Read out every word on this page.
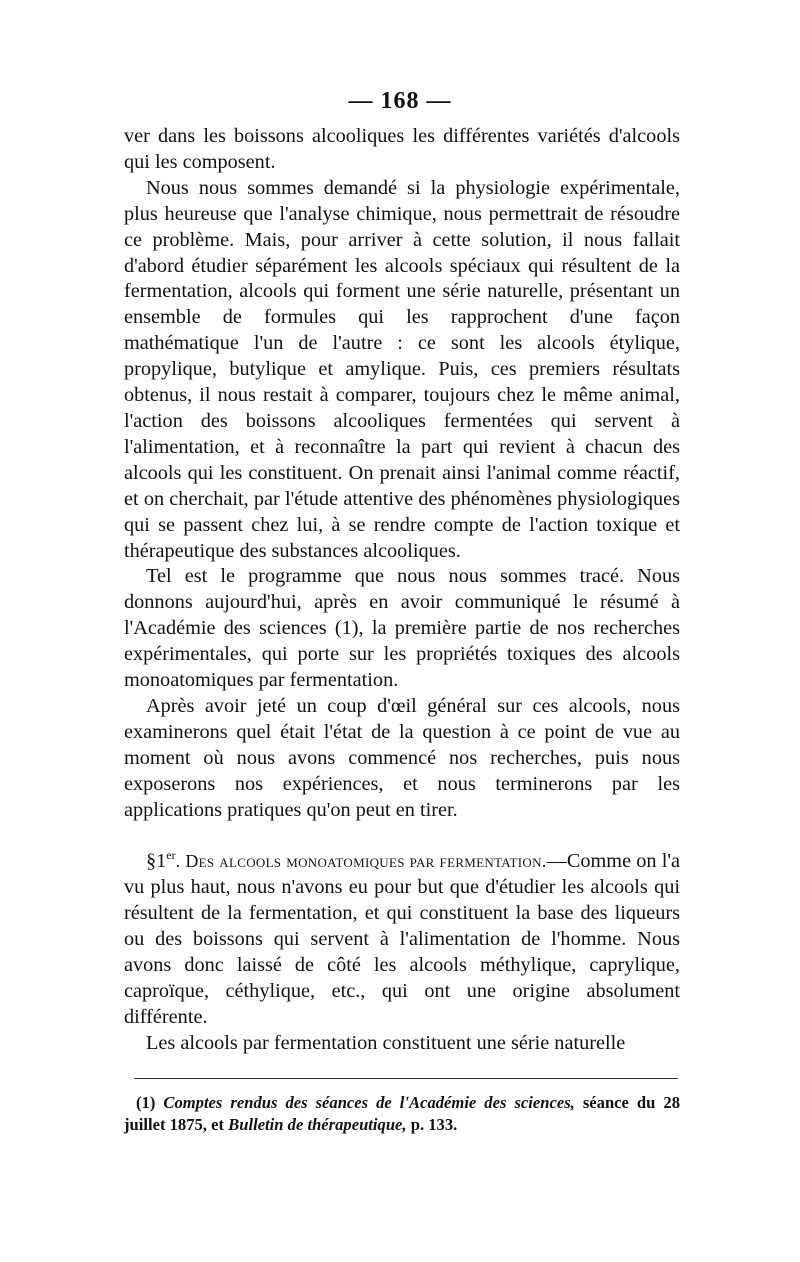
— 168 —

ver dans les boissons alcooliques les différentes variétés d'alcools qui les composent.

Nous nous sommes demandé si la physiologie expérimentale, plus heureuse que l'analyse chimique, nous permettrait de résoudre ce problème. Mais, pour arriver à cette solution, il nous fallait d'abord étudier séparément les alcools spéciaux qui résultent de la fermentation, alcools qui forment une série naturelle, présentant un ensemble de formules qui les rapprochent d'une façon mathématique l'un de l'autre : ce sont les alcools étylique, propylique, butylique et amylique. Puis, ces premiers résultats obtenus, il nous restait à comparer, toujours chez le même animal, l'action des boissons alcooliques fermentées qui servent à l'alimentation, et à reconnaître la part qui revient à chacun des alcools qui les constituent. On prenait ainsi l'animal comme réactif, et on cherchait, par l'étude attentive des phénomènes physiologiques qui se passent chez lui, à se rendre compte de l'action toxique et thérapeutique des substances alcooliques.

Tel est le programme que nous nous sommes tracé. Nous donnons aujourd'hui, après en avoir communiqué le résumé à l'Académie des sciences (1), la première partie de nos recherches expérimentales, qui porte sur les propriétés toxiques des alcools monoatomiques par fermentation.

Après avoir jeté un coup d'œil général sur ces alcools, nous examinerons quel était l'état de la question à ce point de vue au moment où nous avons commencé nos recherches, puis nous exposerons nos expériences, et nous terminerons par les applications pratiques qu'on peut en tirer.

§1er. Des alcools monoatomiques par fermentation.—Comme on l'a vu plus haut, nous n'avons eu pour but que d'étudier les alcools qui résultent de la fermentation, et qui constituent la base des liqueurs ou des boissons qui servent à l'alimentation de l'homme. Nous avons donc laissé de côté les alcools méthylique, caprylique, caproïque, céthylique, etc., qui ont une origine absolument différente.

Les alcools par fermentation constituent une série naturelle

(1) Comptes rendus des séances de l'Académie des sciences, séance du 28 juillet 1875, et Bulletin de thérapeutique, p. 133.
